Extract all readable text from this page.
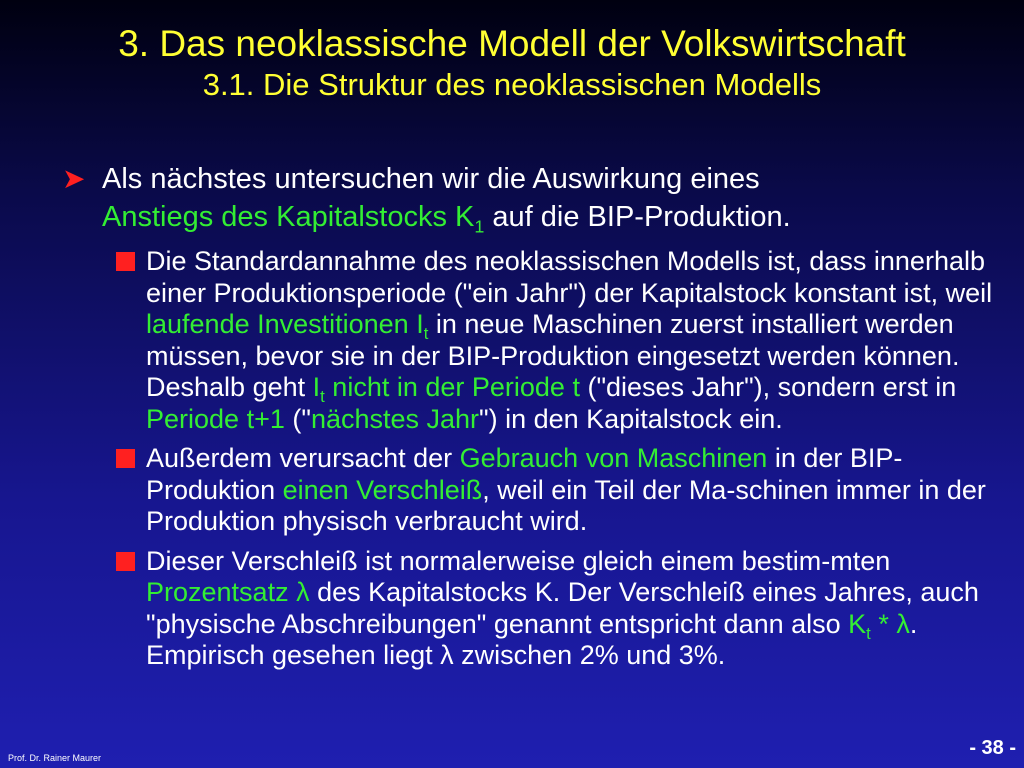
3. Das neoklassische Modell der Volkswirtschaft
3.1. Die Struktur des neoklassischen Modells
➤ Als nächstes untersuchen wir die Auswirkung eines
Anstiegs des Kapitalstocks $K_1$ auf die BIP-Produktion.
Die Standardannahme des neoklassischen Modells ist, dass innerhalb einer Produktionsperiode ("ein Jahr") der Kapitalstock konstant ist, weil laufende Investitionen $I_t$ in neue Maschinen zuerst installiert werden müssen, bevor sie in der BIP-Produktion eingesetzt werden können. Deshalb geht $I_t$ nicht in der Periode t ("dieses Jahr"), sondern erst in Periode t+1 ("nächstes Jahr") in den Kapitalstock ein.
Außerdem verursacht der Gebrauch von Maschinen in der BIP-Produktion einen Verschleiß, weil ein Teil der Ma-schinen immer in der Produktion physisch verbraucht wird.
Dieser Verschleiß ist normalerweise gleich einem bestim-mten Prozentsatz λ des Kapitalstocks K. Der Verschleiß eines Jahres, auch "physische Abschreibungen" genannt entspricht dann also $K_t$ * λ. Empirisch gesehen liegt λ zwischen 2% und 3%.
Prof. Dr. Rainer Maurer	- 38 -
